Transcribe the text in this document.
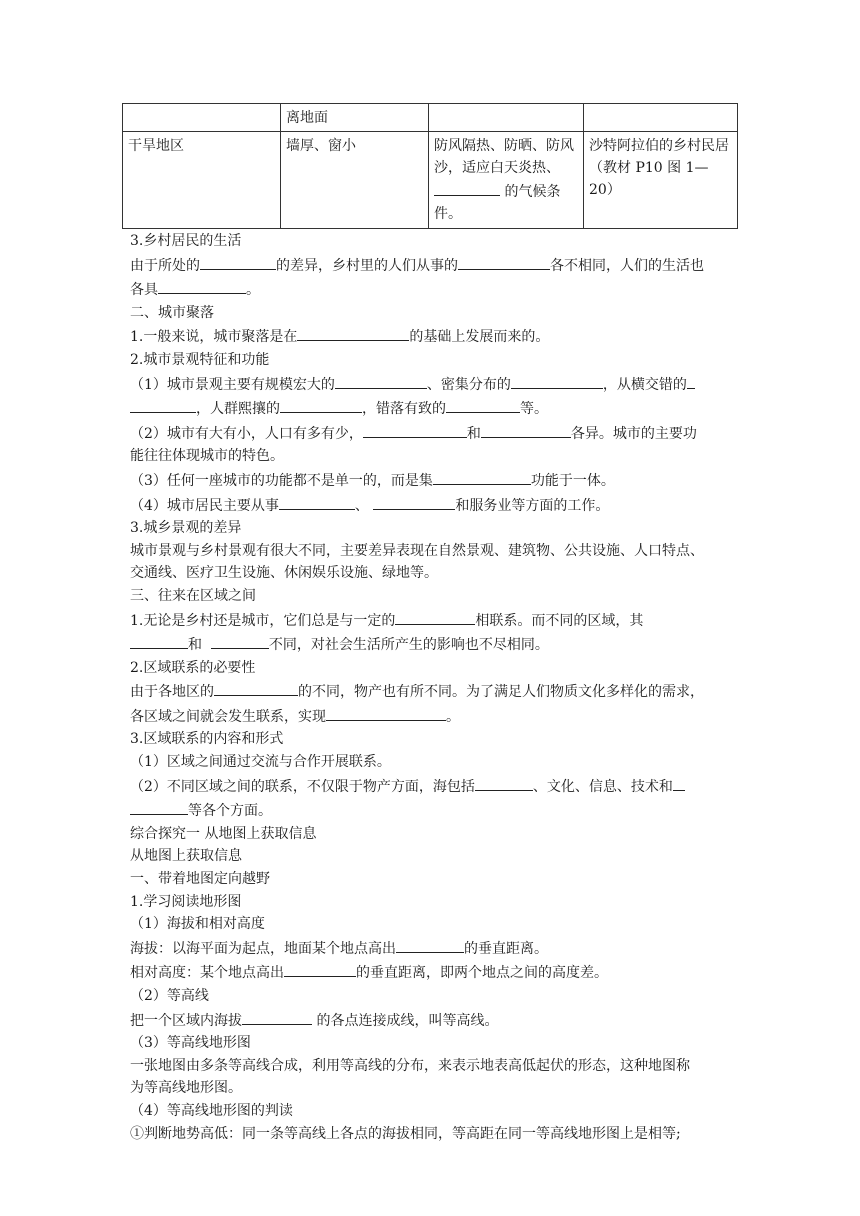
	离地面		
干旱地区	墙厚、窗小	防风隔热、防晒、防风沙，适应白天炎热、 的气候条件。	沙特阿拉伯的乡村民居（教材 P10 图 1—20）

3.乡村居民的生活

由于所处的	的差异，乡村里的人们从事的	各不相同，人们的生活也

各具	。

二、城市聚落

1.一般来说，城市聚落是在	的基础上发展而来的。

2.城市景观特征和功能

（1）城市景观主要有规模宏大的	、密集分布的	，从横交错的

，人群熙攘的	，错落有致的	等。

（2）城市有大有小，人口有多有少，	和	各异。城市的主要功

能往往体现城市的特色。

（3）任何一座城市的功能都不是单一的，而是集	功能于一体。

（4）城市居民主要从事	、	和服务业等方面的工作。

3.城乡景观的差异

城市景观与乡村景观有很大不同，主要差异表现在自然景观、建筑物、公共设施、人口特点、

交通线、医疗卫生设施、休闲娱乐设施、绿地等。

三、往来在区域之间

1.无论是乡村还是城市，它们总是与一定的	相联系。而不同的区域，其

和	不同，对社会生活所产生的影响也不尽相同。

2.区域联系的必要性

由于各地区的	的不同，物产也有所不同。为了满足人们物质文化多样化的需求，

各区域之间就会发生联系，实现	。

3.区域联系的内容和形式

（1）区域之间通过交流与合作开展联系。

（2）不同区域之间的联系，不仅限于物产方面，海包括	、文化、信息、技术和

等各个方面。

综合探究一 从地图上获取信息

从地图上获取信息

一、带着地图定向越野

1.学习阅读地形图

（1）海拔和相对高度

海拔：以海平面为起点，地面某个地点高出	的垂直距离。

相对高度：某个地点高出	的垂直距离，即两个地点之间的高度差。

（2）等高线

把一个区域内海拔	的各点连接成线，叫等高线。

（3）等高线地形图

一张地图由多条等高线合成，利用等高线的分布，来表示地表高低起伏的形态，这种地图称

为等高线地形图。

（4）等高线地形图的判读

①判断地势高低：同一条等高线上各点的海拔相同，等高距在同一等高线地形图上是相等;
